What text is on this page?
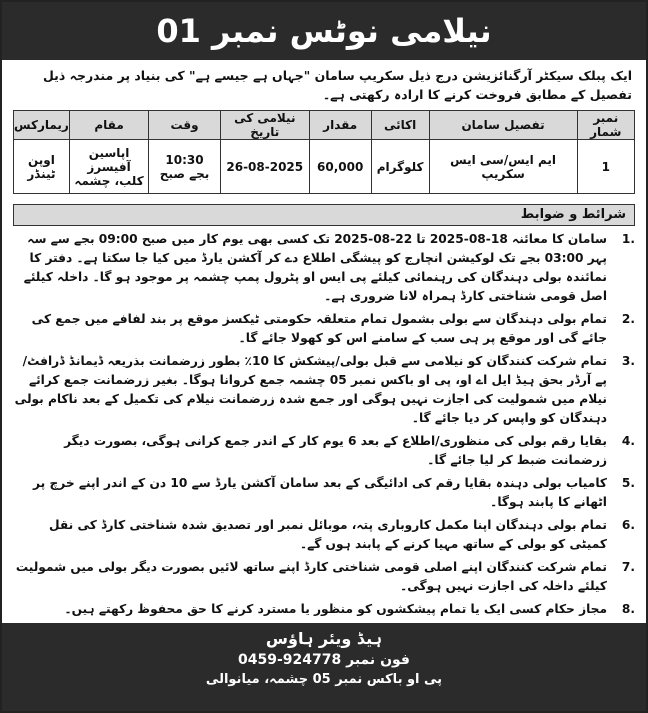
نیلامی نوٹس نمبر 01
ایک پبلک سیکٹر آرگنائزیشن درج ذیل سکریپ سامان "جہاں ہے جیسے ہے" کی بنیاد پر مندرجہ ذیل تفصیل کے مطابق فروخت کرنے کا ارادہ رکھتی ہے۔
نمبر شمار	تفصیل سامان	اکائی	مقدار	نیلامی کی تاریخ	وقت	مقام	ریمارکس
1	ایم ایس/سی ایس سکریپ	کلوگرام	60,000	26-08-2025	10:30 بجے صبح	اپاسین آفیسرز کلب، چشمہ	اوپن ٹینڈر
شرائط و ضوابط
1.
سامان کا معائنہ 18-08-2025 تا 22-08-2025 تک کسی بھی یوم کار میں صبح 09:00 بجے سے سہ پہر 03:00 بجے تک لوکیشن انچارج کو پیشگی اطلاع دے کر آکشن یارڈ میں کیا جا سکتا ہے۔ دفتر کا نمائندہ بولی دہندگان کی رہنمائی کیلئے پی ایس او پٹرول پمپ چشمہ پر موجود ہو گا۔ داخلہ کیلئے اصل قومی شناختی کارڈ ہمراہ لانا ضروری ہے۔
2.
تمام بولی دہندگان سے بولی بشمول تمام متعلقہ حکومتی ٹیکسز موقع پر بند لفافے میں جمع کی جائے گی اور موقع پر ہی سب کے سامنے اس کو کھولا جائے گا۔
3.
تمام شرکت کنندگان کو نیلامی سے قبل بولی/پیشکش کا 10٪ بطور زرضمانت بذریعہ ڈیمانڈ ڈرافٹ/پے آرڈر بحق ہیڈ ایل اے او، پی او باکس نمبر 05 چشمہ جمع کروانا ہوگا۔ بغیر زرضمانت جمع کرائے نیلام میں شمولیت کی اجازت نہیں ہوگی اور جمع شدہ زرضمانت نیلام کی تکمیل کے بعد ناکام بولی دہندگان کو واپس کر دیا جائے گا۔
4.
بقایا رقم بولی کی منظوری/اطلاع کے بعد 6 یوم کار کے اندر جمع کرانی ہوگی، بصورت دیگر زرضمانت ضبط کر لیا جائے گا۔
5.
کامیاب بولی دہندہ بقایا رقم کی ادائیگی کے بعد سامان آکشن یارڈ سے 10 دن کے اندر اپنے خرچ پر اٹھانے کا پابند ہوگا۔
6.
تمام بولی دہندگان اپنا مکمل کاروباری پتہ، موبائل نمبر اور تصدیق شدہ شناختی کارڈ کی نقل کمیٹی کو بولی کے ساتھ مہیا کرنے کے پابند ہوں گے۔
7.
تمام شرکت کنندگان اپنے اصلی قومی شناختی کارڈ اپنے ساتھ لائیں بصورت دیگر بولی میں شمولیت کیلئے داخلہ کی اجازت نہیں ہوگی۔
8.
مجاز حکام کسی ایک یا تمام پیشکشوں کو منظور یا مسترد کرنے کا حق محفوظ رکھتے ہیں۔
ہیڈ ویئر ہاؤس
فون نمبر 0459-924778
پی او باکس نمبر 05 چشمہ، میانوالی
